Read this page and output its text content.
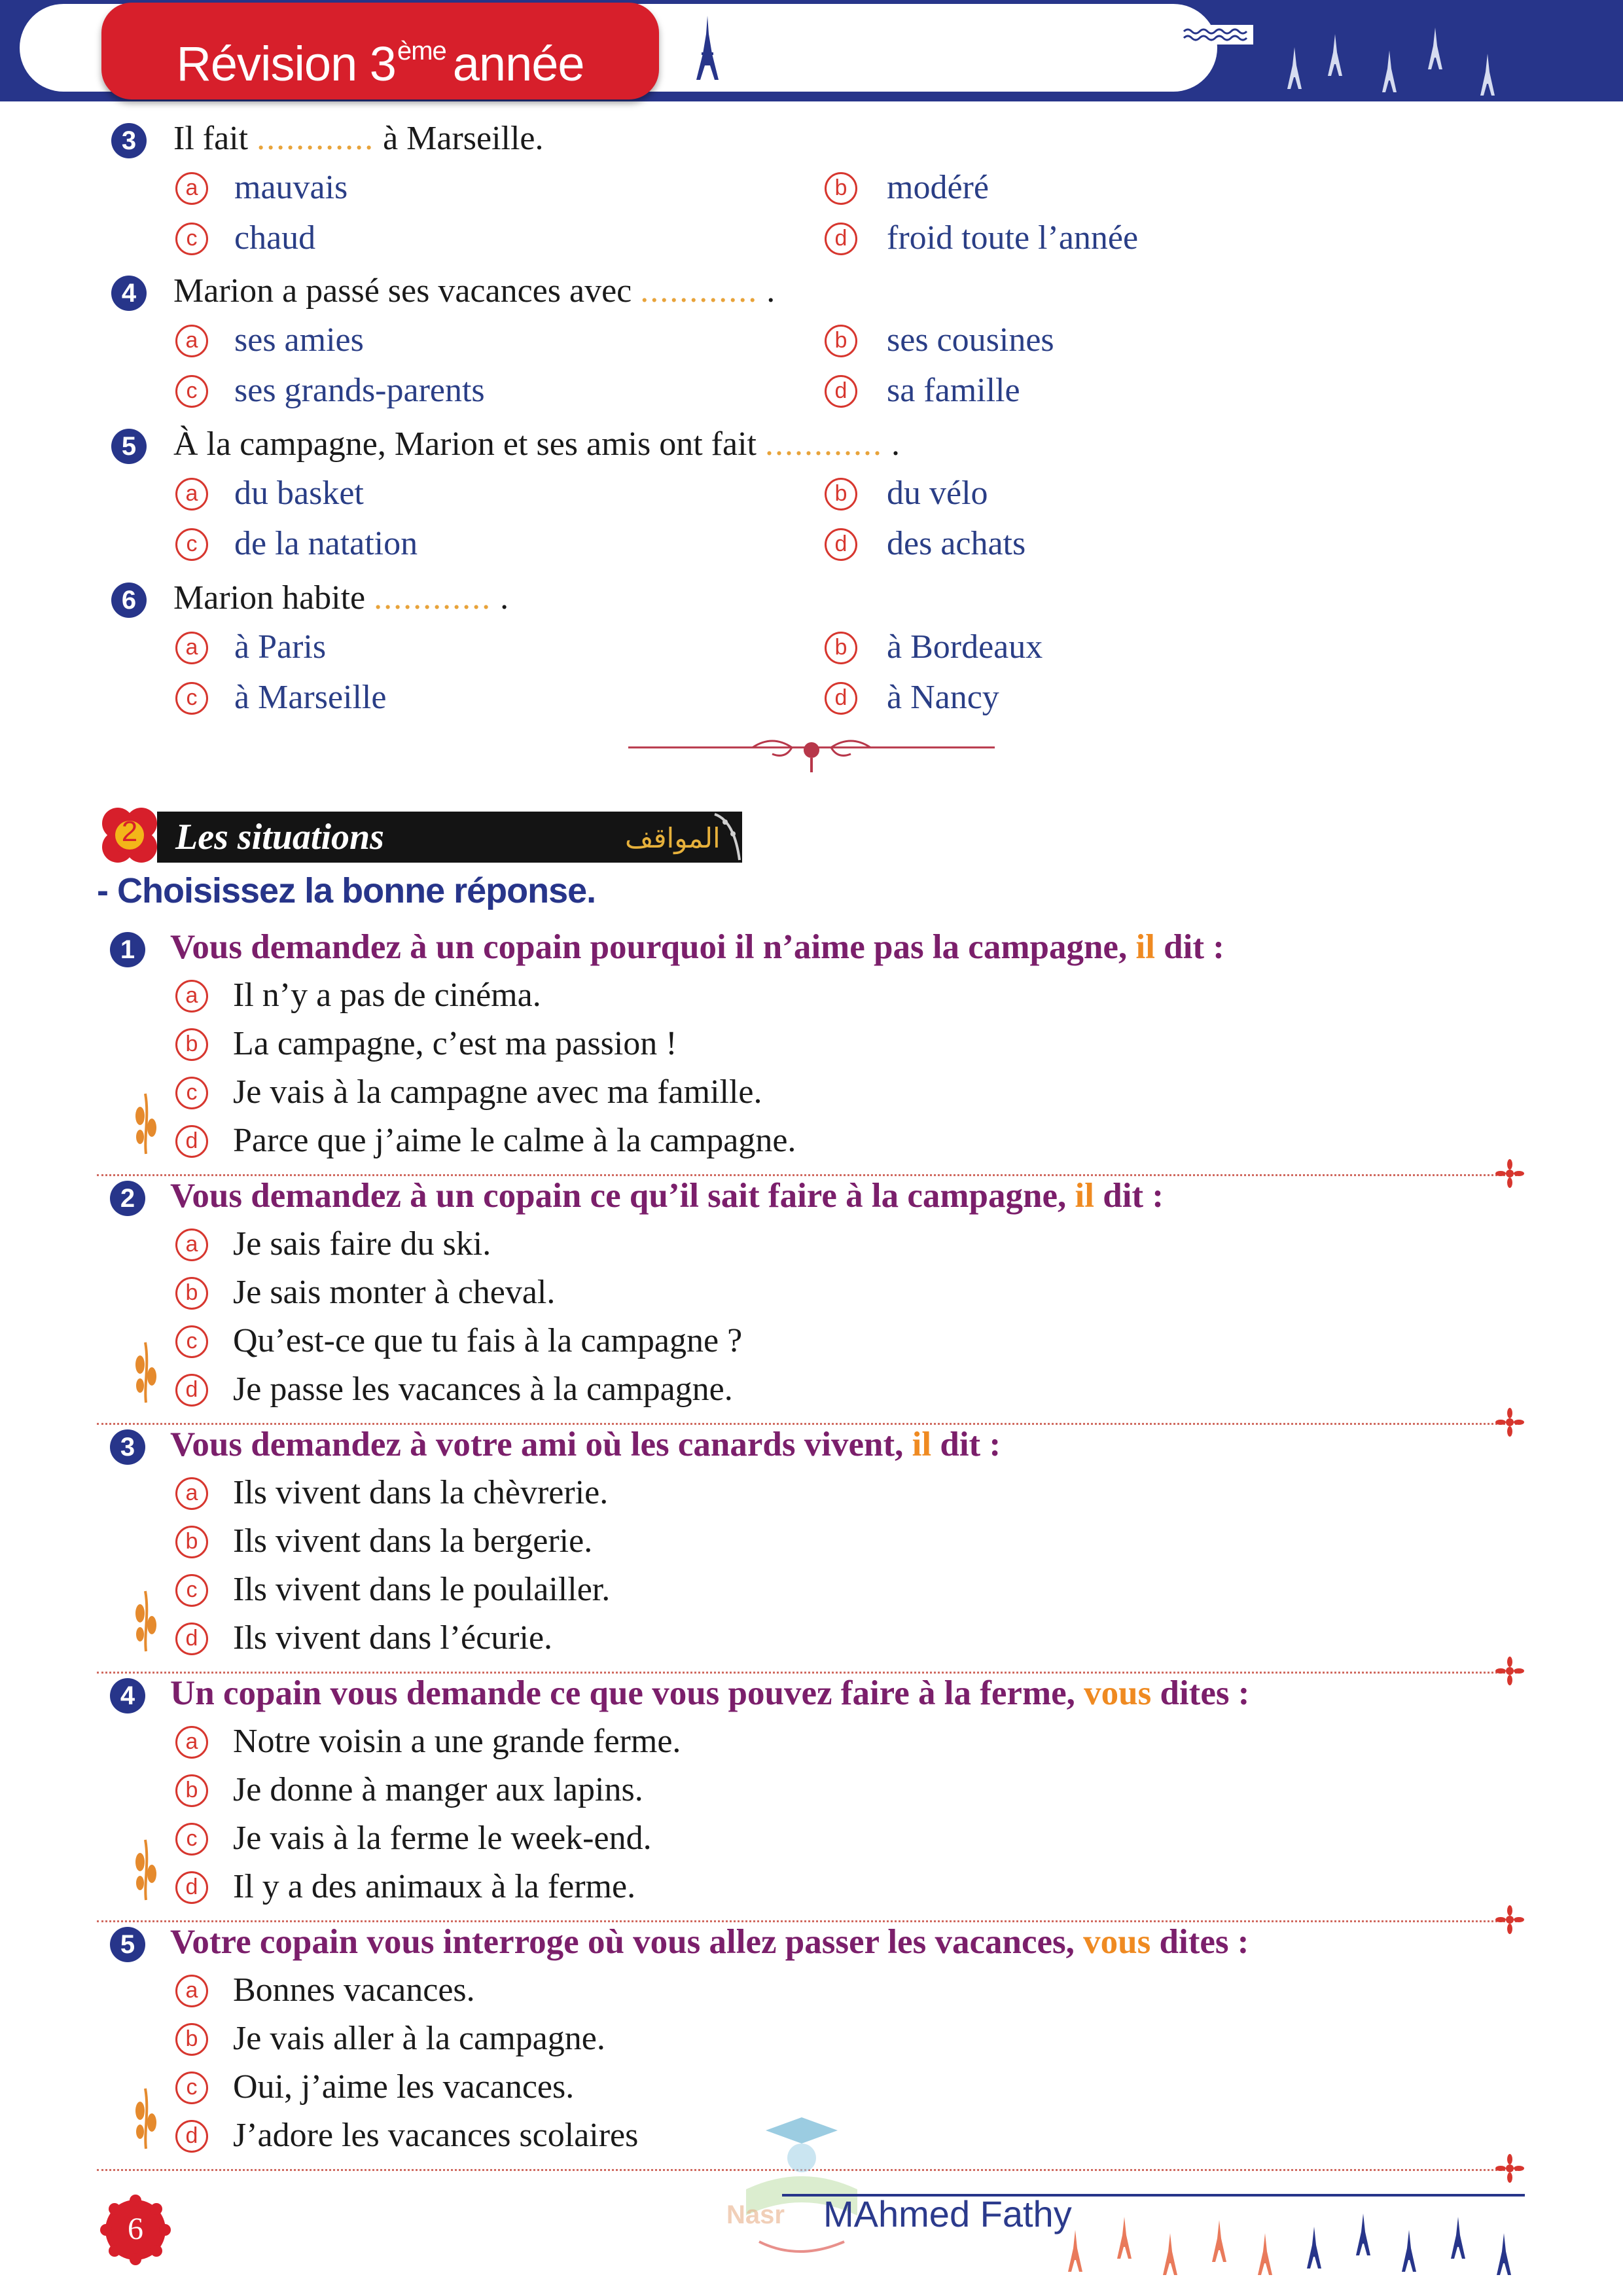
Révision 3ème année
3	Il fait ............ à Marseille.
a mauvais	b modéré
c	chaud	d froid toute l’année
4	Marion a passé ses vacances avec ............ .
a ses amies	b ses cousines
c	ses grands-parents	d sa famille
5	À la campagne, Marion et ses amis ont fait ............ .
a du basket	b du vélo
c	de la natation	d des achats
6	Marion habite ............ .
a à Paris	b à Bordeaux
c	à Marseille	d à Nancy
2 Les situations	المواقف
- Choisissez la bonne réponse.
1 Vous demandez à un copain pourquoi il n’aime pas la campagne, il dit :
a Il n’y a pas de cinéma.
b La campagne, c’est ma passion !
c	Je vais à la campagne avec ma famille.
d Parce que j’aime le calme à la campagne.
2 Vous demandez à un copain ce qu’il sait faire à la campagne, il dit :
a Je sais faire du ski.
b Je sais monter à cheval.
c	Qu’est-ce que tu fais à la campagne ?
d Je passe les vacances à la campagne.
3 Vous demandez à votre ami où les canards vivent, il dit :
a Ils vivent dans la chèvrerie.
b Ils vivent dans la bergerie.
c	Ils vivent dans le poulailler.
d Ils vivent dans l’écurie.
4 Un copain vous demande ce que vous pouvez faire à la ferme, vous dites :
a Notre voisin a une grande ferme.
b Je donne à manger aux lapins.
c	Je vais à la ferme le week-end.
d Il y a des animaux à la ferme.
5 Votre copain vous interroge où vous allez passer les vacances, vous dites :
a Bonnes vacances.
b Je vais aller à la campagne.
c	Oui, j’aime les vacances.
d J’adore les vacances scolaires
Nasr MAhmed Fathy
6
